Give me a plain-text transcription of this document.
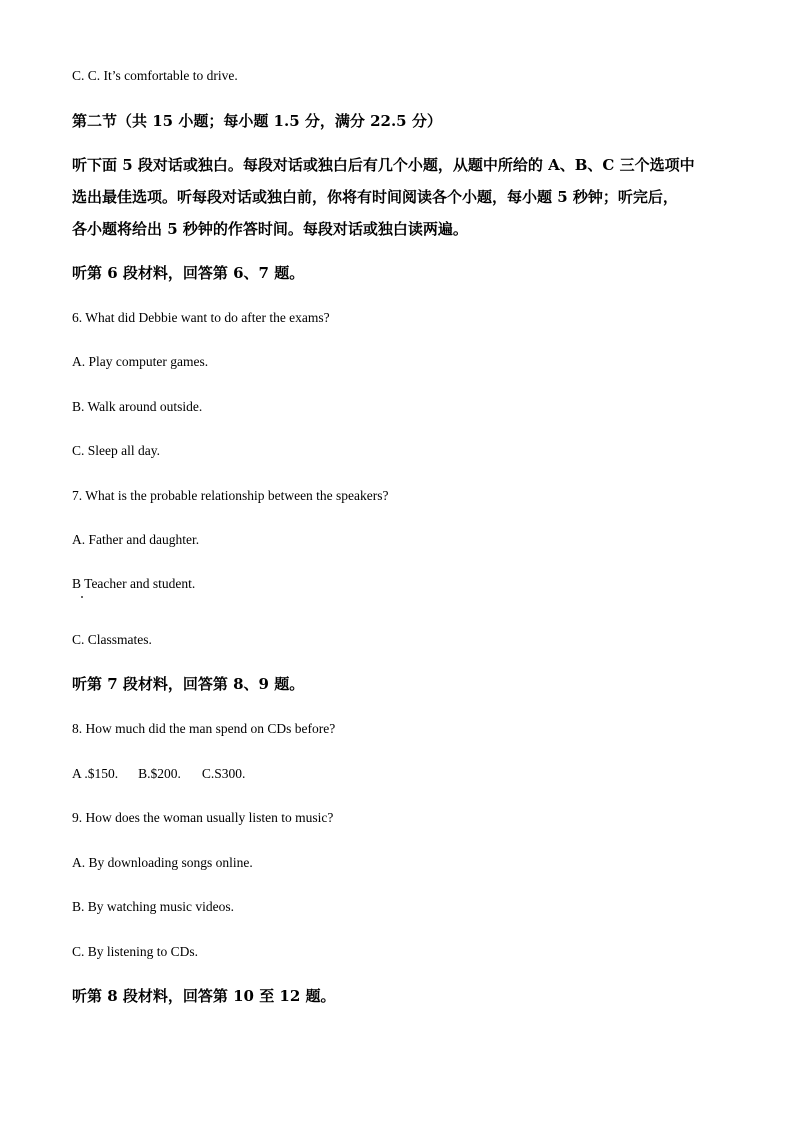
C. C. It’s comfortable to drive.
第二节（共 15 小题；每小题 1.5 分，满分 22.5 分）
听下面 5 段对话或独白。每段对话或独白后有几个小题，从题中所给的 A、B、C 三个选项中
选出最佳选项。听每段对话或独白前，你将有时间阅读各个小题，每小题 5 秒钟；听完后，
各小题将给出 5 秒钟的作答时间。每段对话或独白读两遍。
听第 6 段材料，回答第 6、7 题。
6. What did Debbie want to do after the exams?
A. Play computer games.
B. Walk around outside.
C. Sleep all day.
7. What is the probable relationship between the speakers?
A. Father and daughter.
B Teacher and student.
C. Classmates.
听第 7 段材料，回答第 8、9 题。
8. How much did the man spend on CDs before?
A .$150. B.$200. C.S300.
9. How does the woman usually listen to music?
A. By downloading songs online.
B. By watching music videos.
C. By listening to CDs.
听第 8 段材料，回答第 10 至 12 题。
